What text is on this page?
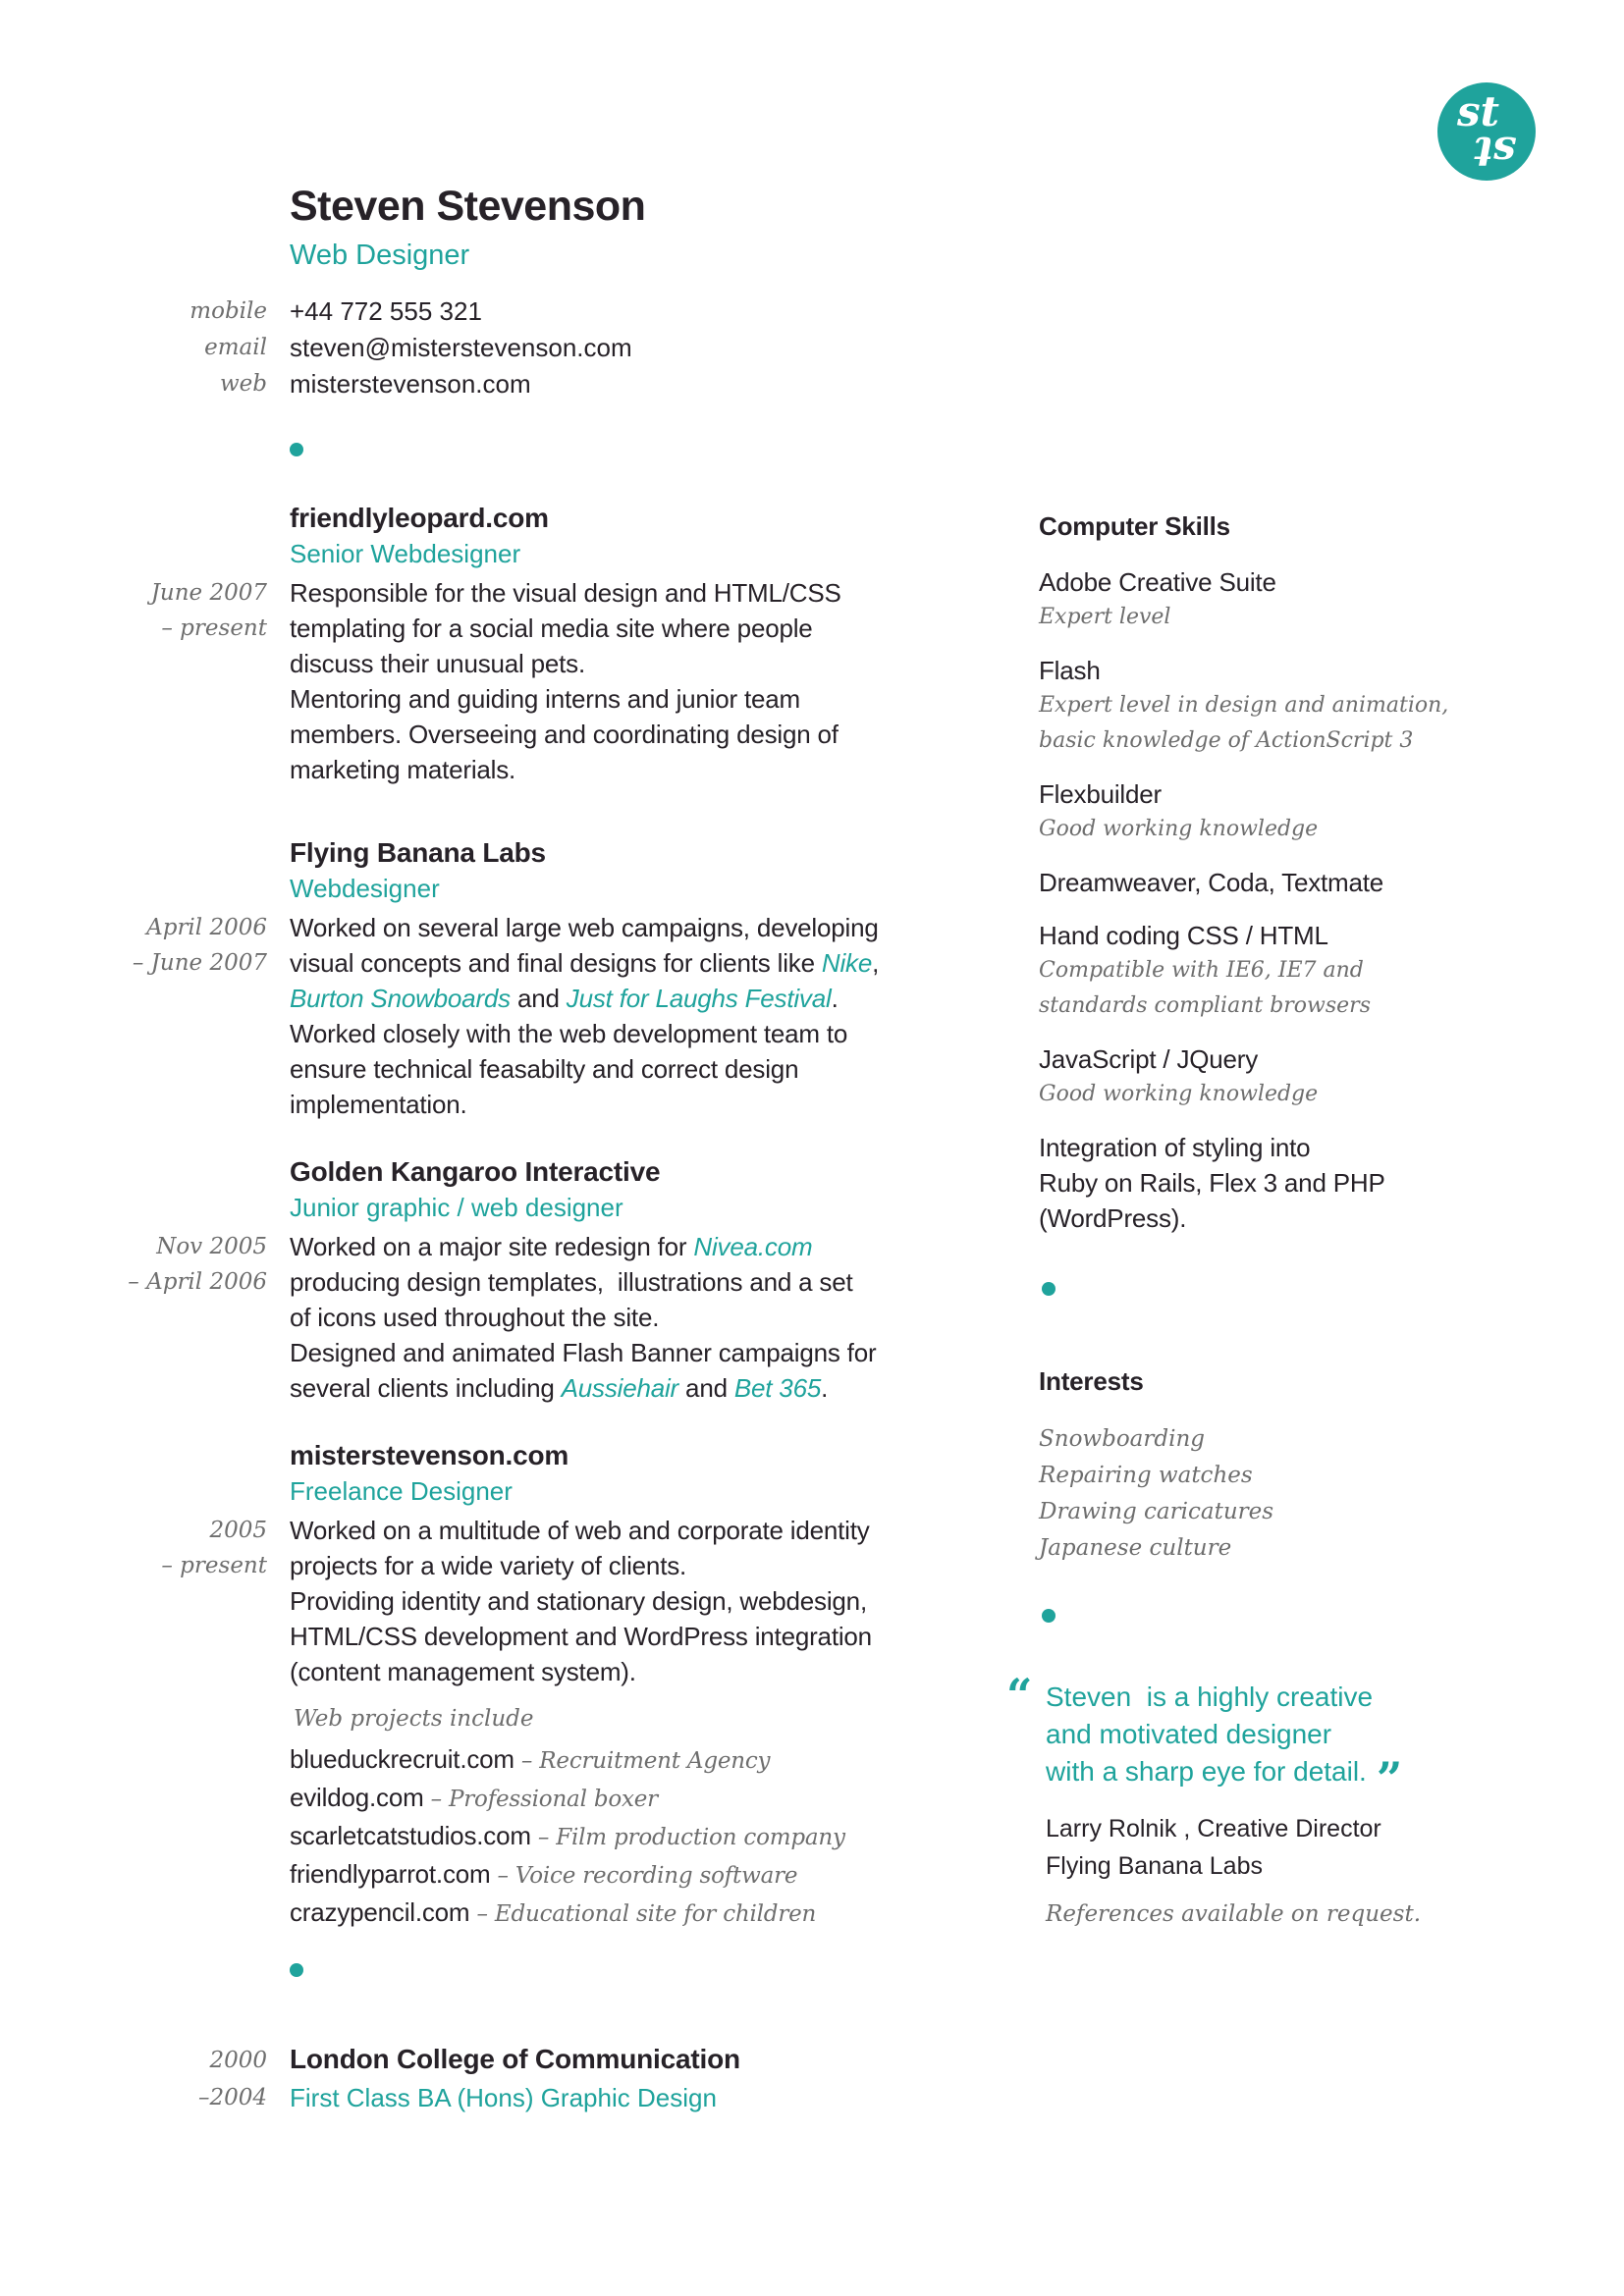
st
st
Steven Stevenson
Web Designer
mobile +44 772 555 321
email steven@misterstevenson.com
web misterstevenson.com
friendlyleopard.com
Senior Webdesigner
June 2007
– present
Responsible for the visual design and HTML/CSS
templating for a social media site where people
discuss their unusual pets.
Mentoring and guiding interns and junior team
members. Overseeing and coordinating design of
marketing materials.
Flying Banana Labs
Webdesigner
April 2006
– June 2007
Worked on several large web campaigns, developing
visual concepts and final designs for clients like Nike,
Burton Snowboards and Just for Laughs Festival.
Worked closely with the web development team to
ensure technical feasabilty and correct design
implementation.
Golden Kangaroo Interactive
Junior graphic / web designer
Nov 2005
– April 2006
Worked on a major site redesign for Nivea.com
producing design templates,  illustrations and a set
of icons used throughout the site.
Designed and animated Flash Banner campaigns for
several clients including Aussiehair and Bet 365.
misterstevenson.com
Freelance Designer
2005
– present
Worked on a multitude of web and corporate identity
projects for a wide variety of clients.
Providing identity and stationary design, webdesign,
HTML/CSS development and WordPress integration
(content management system).
Web projects include
blueduckrecruit.com – Recruitment Agency
evildog.com – Professional boxer
scarletcatstudios.com – Film production company
friendlyparrot.com – Voice recording software
crazypencil.com – Educational site for children
2000
–2004
London College of Communication
First Class BA (Hons) Graphic Design
Computer Skills
Adobe Creative Suite
Expert level
Flash
Expert level in design and animation,
basic knowledge of ActionScript 3
Flexbuilder
Good working knowledge
Dreamweaver, Coda, Textmate
Hand coding CSS / HTML
Compatible with IE6, IE7 and
standards compliant browsers
JavaScript / JQuery
Good working knowledge
Integration of styling into
Ruby on Rails, Flex 3 and PHP
(WordPress).
Interests
Snowboarding
Repairing watches
Drawing caricatures
Japanese culture
“ Steven  is a highly creative
and motivated designer
with a sharp eye for detail. ”
Larry Rolnik , Creative Director
Flying Banana Labs
References available on request.
